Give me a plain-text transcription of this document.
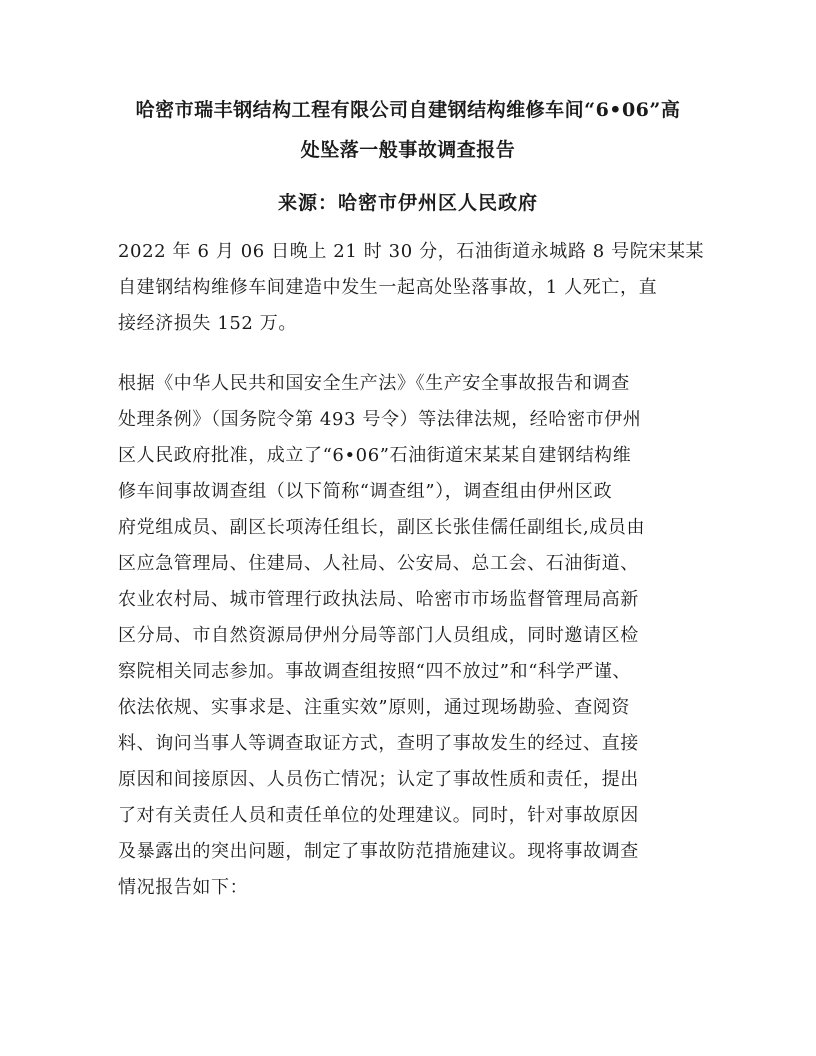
哈密市瑞丰钢结构工程有限公司自建钢结构维修车间“6•06”高
处坠落一般事故调查报告
来源：哈密市伊州区人民政府
2022 年 6 月 06 日晚上 21 时 30 分，石油街道永城路 8 号院宋某某
自建钢结构维修车间建造中发生一起高处坠落事故，1 人死亡，直
接经济损失 152 万。
根据《中华人民共和国安全生产法》《生产安全事故报告和调查
处理条例》（国务院令第 493 号令）等法律法规，经哈密市伊州
区人民政府批准，成立了“6•06”石油街道宋某某自建钢结构维
修车间事故调查组（以下简称“调查组”），调查组由伊州区政
府党组成员、副区长项涛任组长，副区长张佳儒任副组长,成员由
区应急管理局、住建局、人社局、公安局、总工会、石油街道、
农业农村局、城市管理行政执法局、哈密市市场监督管理局高新
区分局、市自然资源局伊州分局等部门人员组成，同时邀请区检
察院相关同志参加。事故调查组按照“四不放过”和“科学严谨、
依法依规、实事求是、注重实效”原则，通过现场勘验、查阅资
料、询问当事人等调查取证方式，查明了事故发生的经过、直接
原因和间接原因、人员伤亡情况；认定了事故性质和责任，提出
了对有关责任人员和责任单位的处理建议。同时，针对事故原因
及暴露出的突出问题，制定了事故防范措施建议。现将事故调查
情况报告如下：
